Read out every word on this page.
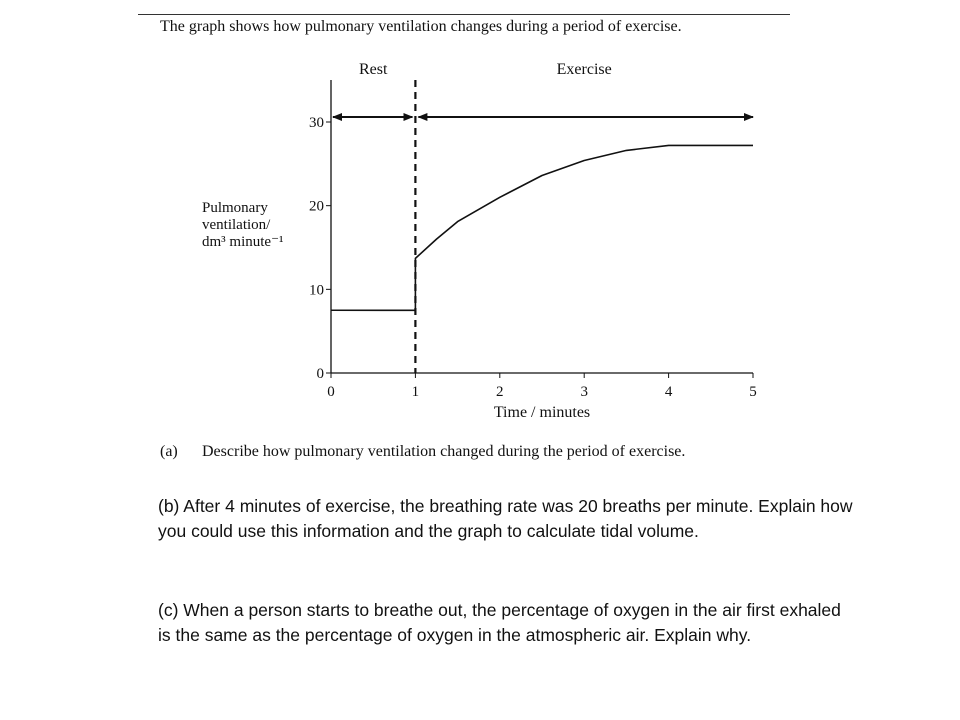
The graph shows how pulmonary ventilation changes during a period of exercise.
0	1	2	3	4	5
0
10
20
30
Time / minutes
Rest	Exercise
Pulmonary
ventilation/
dm³ minute⁻¹
(a) Describe how pulmonary ventilation changed during the period of exercise.
(b) After 4 minutes of exercise, the breathing rate was 20 breaths per minute. Explain how you could use this information and the graph to calculate tidal volume.
(c) When a person starts to breathe out, the percentage of oxygen in the air first exhaled is the same as the percentage of oxygen in the atmospheric air. Explain why.
